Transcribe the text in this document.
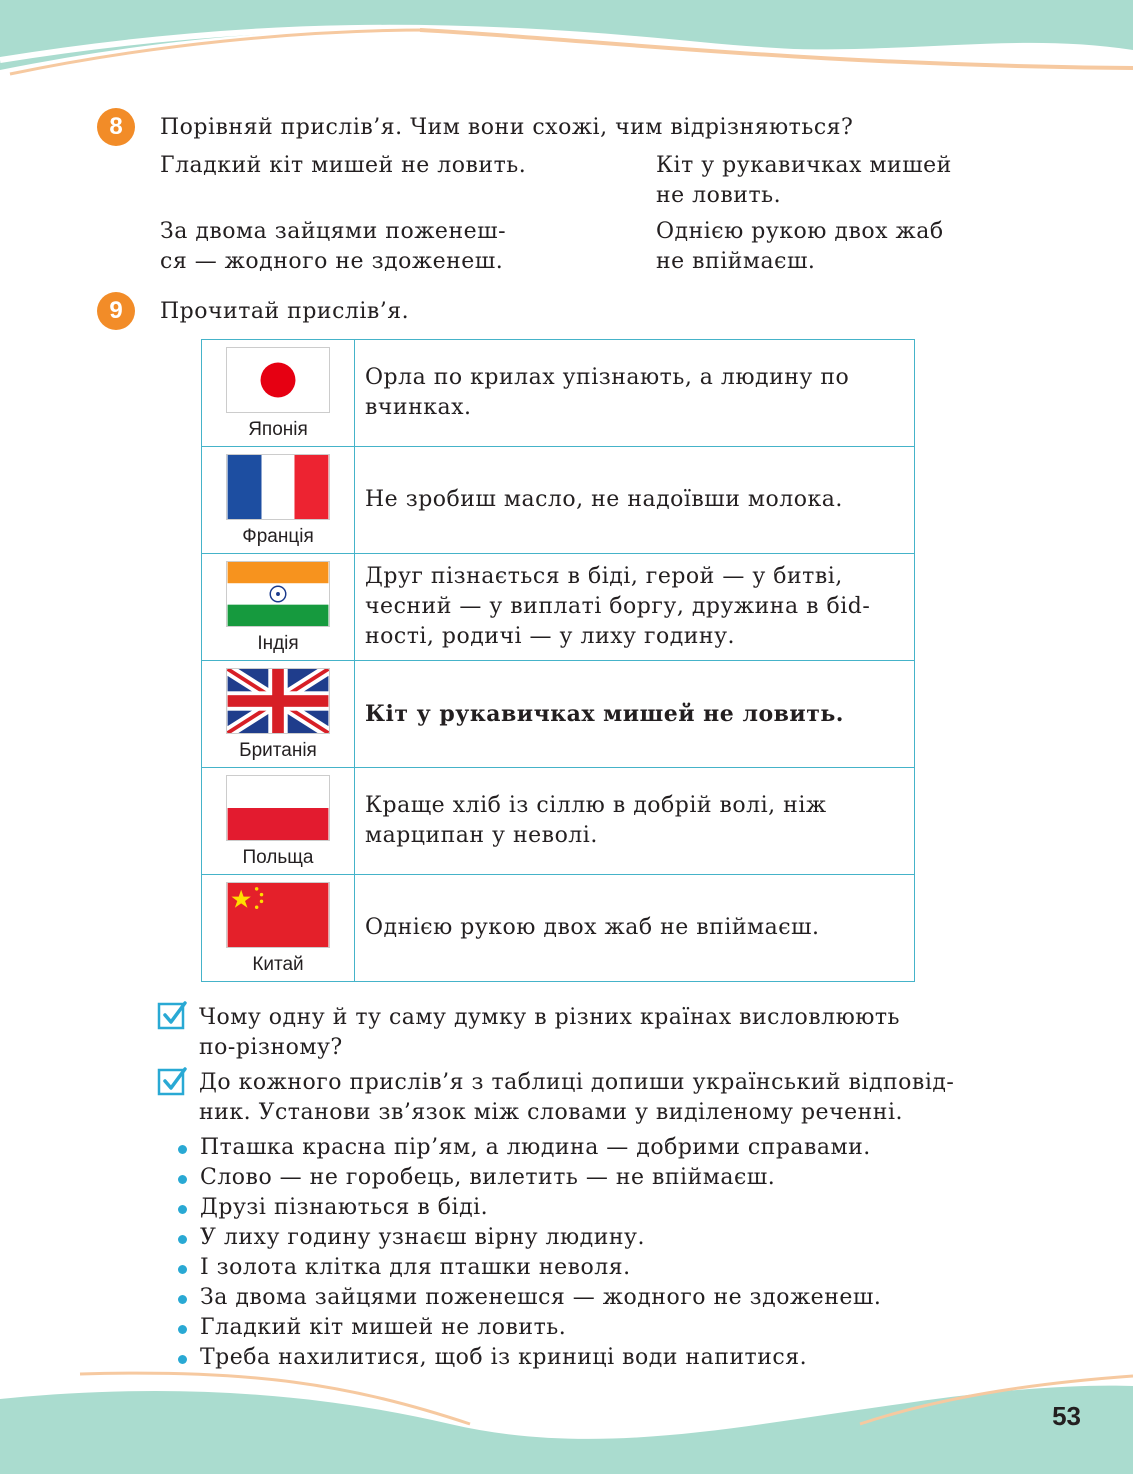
8	Порівняй прислів’я. Чим вони схожі, чим відрізняються?
Гладкий кіт мишей не ловить.
За двома зайцями поженеш-
ся — жодного не здоженеш.
Кіт у рукавичках мишей
не ловить.
Однією рукою двох жаб
не впіймаєш.
9	Прочитай прислів’я.
Японія	Орла по крилах упізнають, а людину по
вчинках.

Франція	Не зробиш масло, не надоївши молока.

Індія	Друг пізнається в біді, герой — у битві,
чесний — у виплаті боргу, дружина в біd-
ності, родичі — у лиху годину.

Британія	Кіт у рукавичках мишей не ловить.

Польща	Краще хліб із сіллю в добрій волі, ніж
марципан у неволі.

Китай	Однією рукою двох жаб не впіймаєш.
Чому одну й ту саму думку в різних країнах висловлюють
по-різному?
До кожного прислів’я з таблиці допиши український відповід-
ник. Установи зв’язок між словами у виділеному реченні.
Пташка красна пір’ям, а людина — добрими справами.
Слово — не горобець, вилетить — не впіймаєш.
Друзі пізнаються в біді.
У лиху годину узнаєш вірну людину.
І золота клітка для пташки неволя.
За двома зайцями поженешся — жодного не здоженеш.
Гладкий кіт мишей не ловить.
Треба нахилитися, щоб із криниці води напитися.
53
